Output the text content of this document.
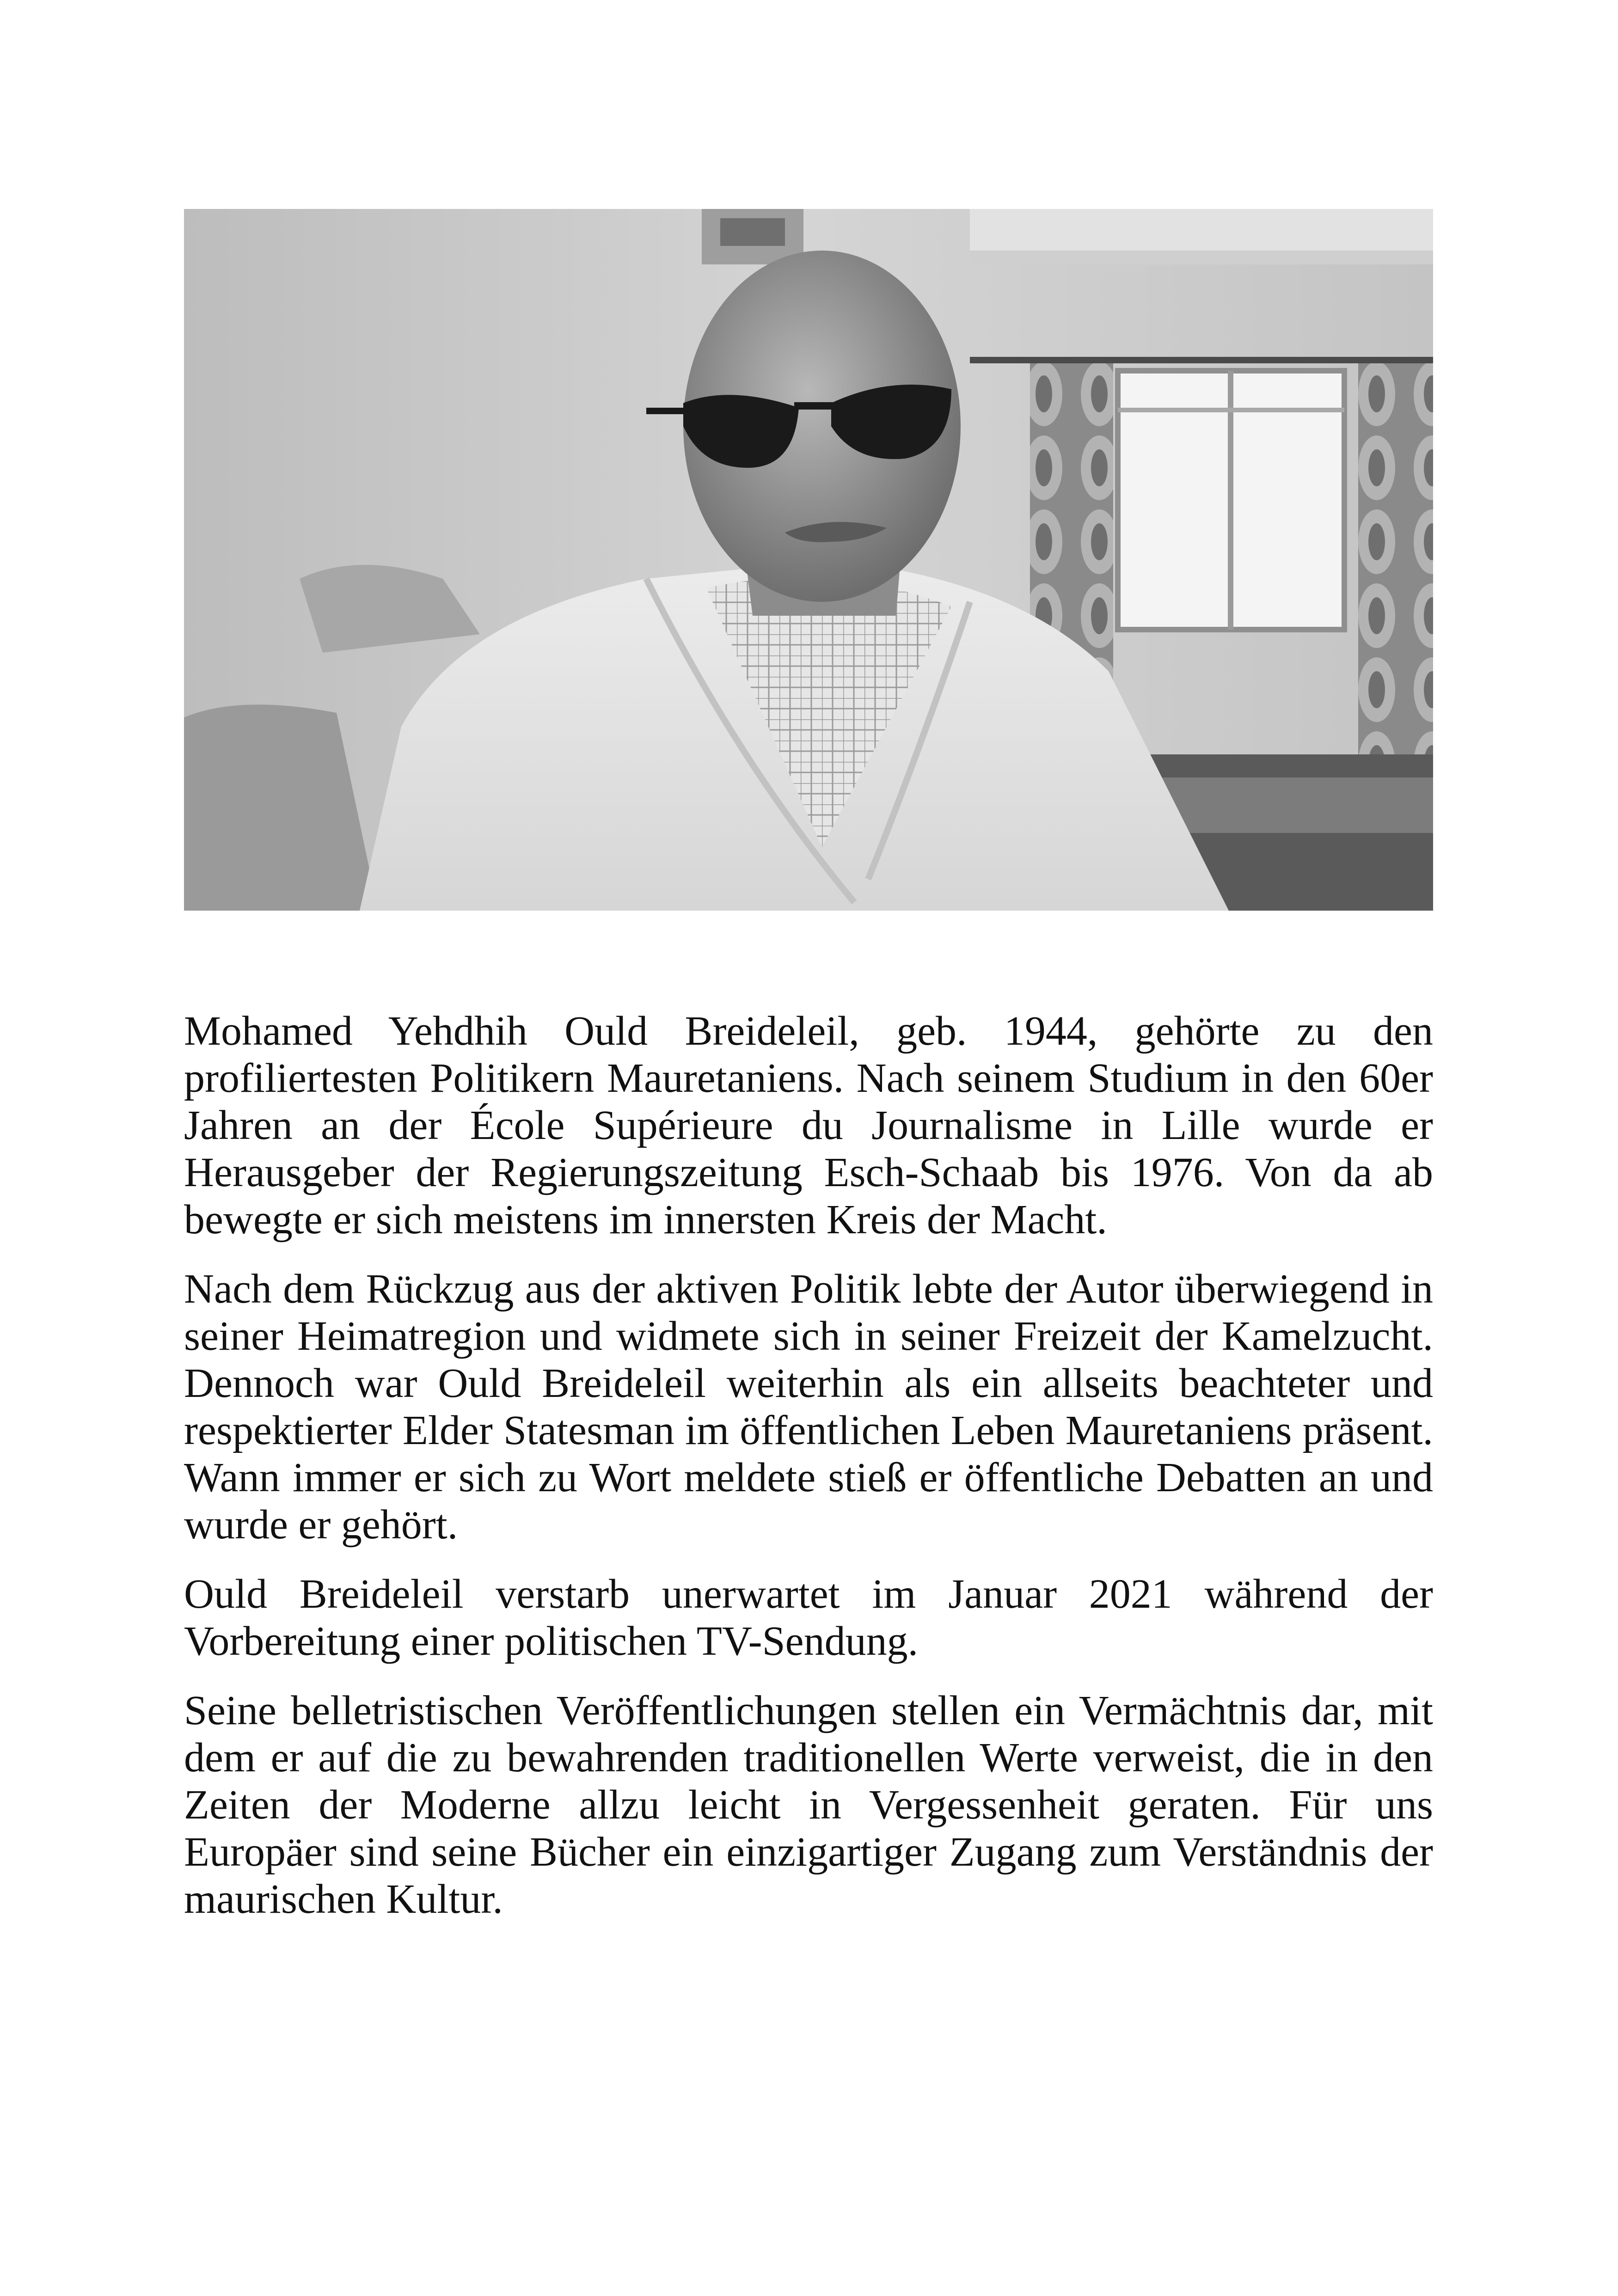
Mohamed Yehdhih Ould Breideleil, geb. 1944, gehörte zu den profiliertesten Politikern Mauretaniens. Nach seinem Studium in den 60er Jahren an der École Supérieure du Journalisme in Lille wurde er Herausgeber der Regierungszeitung Esch-Schaab bis 1976. Von da ab bewegte er sich meistens im innersten Kreis der Macht.

Nach dem Rückzug aus der aktiven Politik lebte der Autor überwiegend in seiner Heimatregion und widmete sich in seiner Freizeit der Kamelzucht. Dennoch war Ould Breideleil weiterhin als ein allseits beachteter und respektierter Elder Statesman im öffentlichen Leben Mauretaniens präsent. Wann immer er sich zu Wort meldete stieß er öffentliche Debatten an und wurde er gehört.

Ould Breideleil verstarb unerwartet im Januar 2021 während der Vorbereitung einer politischen TV-Sendung.

Seine belletristischen Veröffentlichungen stellen ein Vermächtnis dar, mit dem er auf die zu bewahrenden traditionellen Werte verweist, die in den Zeiten der Moderne allzu leicht in Vergessenheit geraten. Für uns Europäer sind seine Bücher ein einzigartiger Zugang zum Verständnis der maurischen Kultur.
